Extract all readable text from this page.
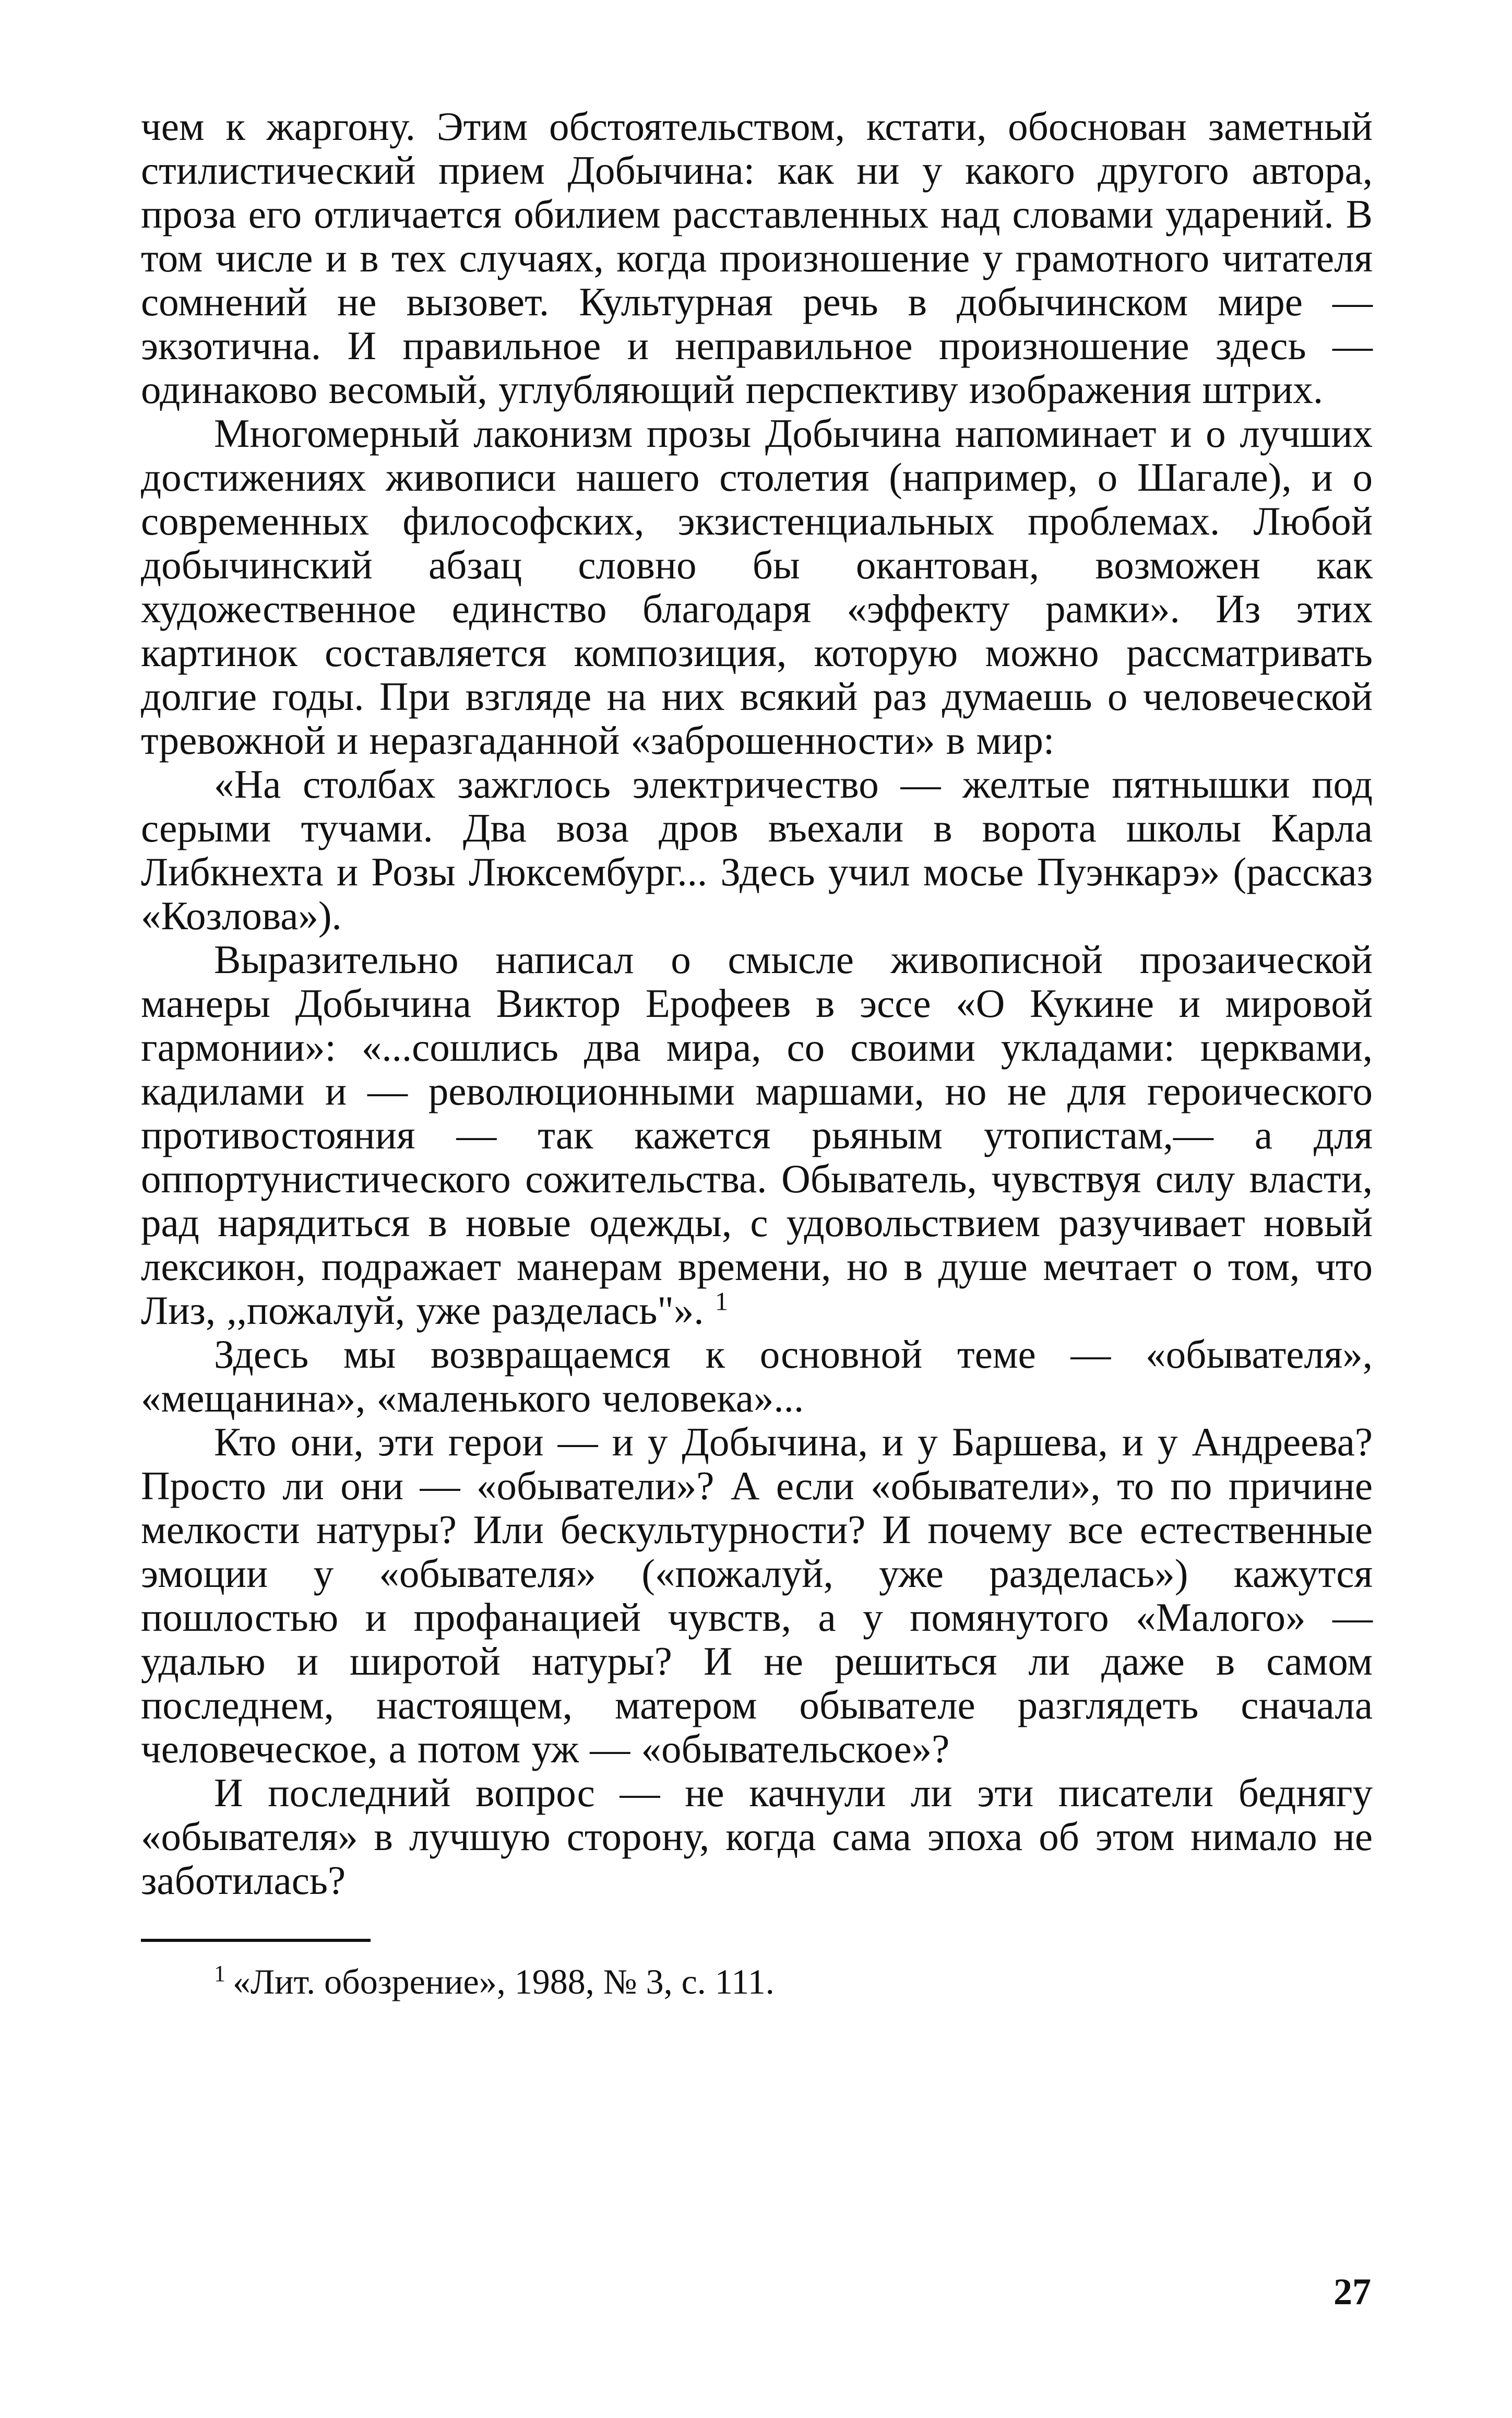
чем к жаргону. Этим обстоятельством, кстати, обоснован заметный стилистический прием Добычина: как ни у какого другого автора, проза его отличается обилием расставленных над словами ударений. В том числе и в тех случаях, когда произношение у грамотного читателя сомнений не вызовет. Культурная речь в добычинском мире — экзотична. И правильное и неправильное произношение здесь — одинаково весомый, углубляющий перспективу изображения штрих.

Многомерный лаконизм прозы Добычина напоминает и о лучших достижениях живописи нашего столетия (например, о Шагале), и о современных философских, экзистенциальных проблемах. Любой добычинский абзац словно бы окантован, возможен как художественное единство благодаря «эффекту рамки». Из этих картинок составляется композиция, которую можно рассматривать долгие годы. При взгляде на них всякий раз думаешь о человеческой тревожной и неразгаданной «заброшенности» в мир:

«На столбах зажглось электричество — желтые пятнышки под серыми тучами. Два воза дров въехали в ворота школы Карла Либкнехта и Розы Люксембург... Здесь учил мосье Пуэнкарэ» (рассказ «Козлова»).

Выразительно написал о смысле живописной прозаической манеры Добычина Виктор Ерофеев в эссе «О Кукине и мировой гармонии»: «...сошлись два мира, со своими укладами: церквами, кадилами и — революционными маршами, но не для героического противостояния — так кажется рьяным утопистам,— а для оппортунистического сожительства. Обыватель, чувствуя силу власти, рад нарядиться в новые одежды, с удовольствием разучивает новый лексикон, подражает манерам времени, но в душе мечтает о том, что Лиз, ,,пожалуй, уже разделась"». $^1$

Здесь мы возвращаемся к основной теме — «обывателя», «мещанина», «маленького человека»...

Кто они, эти герои — и у Добычина, и у Баршева, и у Андреева? Просто ли они — «обыватели»? А если «обыватели», то по причине мелкости натуры? Или бескультурности? И почему все естественные эмоции у «обывателя» («пожалуй, уже разделась») кажутся пошлостью и профанацией чувств, а у помянутого «Малого» — удалью и широтой натуры? И не решиться ли даже в самом последнем, настоящем, матером обывателе разглядеть сначала человеческое, а потом уж — «обывательское»?

И последний вопрос — не качнули ли эти писатели беднягу «обывателя» в лучшую сторону, когда сама эпоха об этом нимало не заботилась?

$^1$ «Лит. обозрение», 1988, № 3, с. 111.

27
